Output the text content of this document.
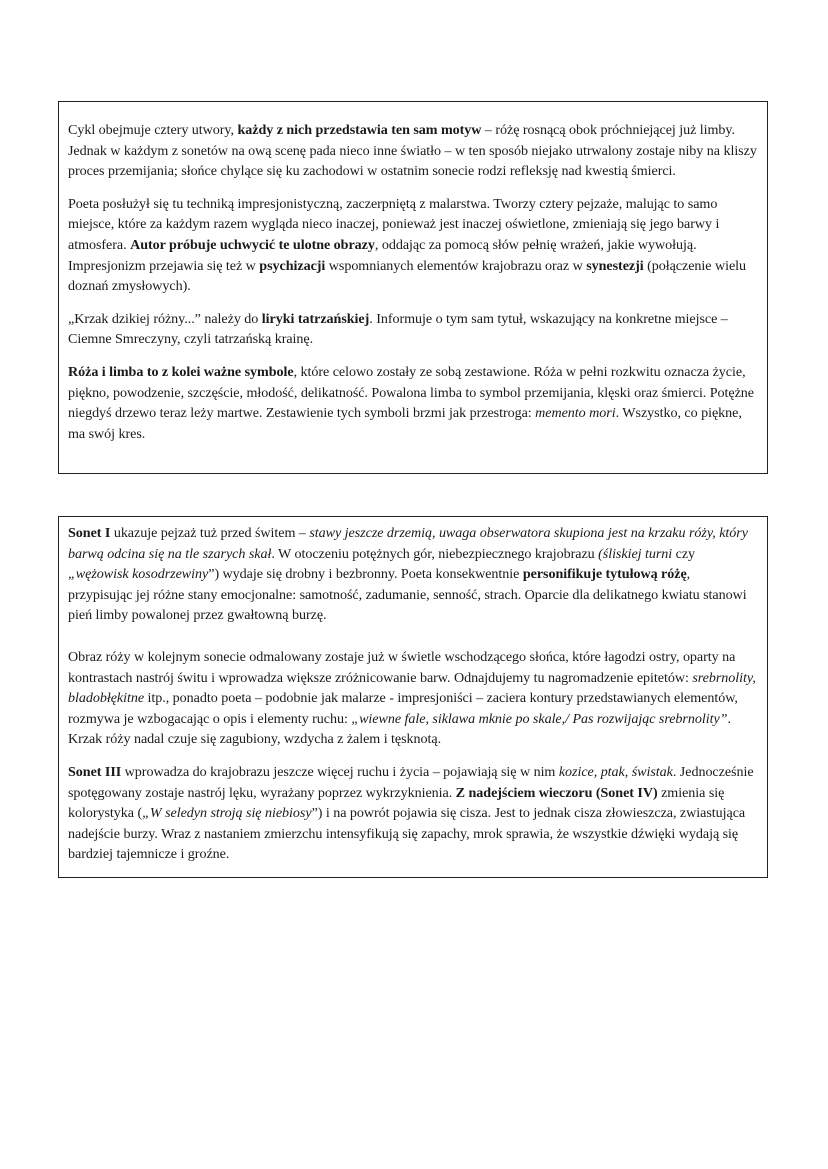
Cykl obejmuje cztery utwory, każdy z nich przedstawia ten sam motyw – różę rosnącą obok próchniejącej już limby. Jednak w każdym z sonetów na ową scenę pada nieco inne światło – w ten sposób niejako utrwalony zostaje niby na kliszy proces przemijania; słońce chylące się ku zachodowi w ostatnim sonecie rodzi refleksję nad kwestią śmierci.

Poeta posłużył się tu techniką impresjonistyczną, zaczerpniętą z malarstwa. Tworzy cztery pejzaże, malując to samo miejsce, które za każdym razem wygląda nieco inaczej, ponieważ jest inaczej oświetlone, zmieniają się jego barwy i atmosfera. Autor próbuje uchwycić te ulotne obrazy, oddając za pomocą słów pełnię wrażeń, jakie wywołują. Impresjonizm przejawia się też w psychizacji wspomnianych elementów krajobrazu oraz w synestezji (połączenie wielu doznań zmysłowych).

„Krzak dzikiej różny...” należy do liryki tatrzańskiej. Informuje o tym sam tytuł, wskazujący na konkretne miejsce – Ciemne Smreczyny, czyli tatrzańską krainę.

Róża i limba to z kolei ważne symbole, które celowo zostały ze sobą zestawione. Róża w pełni rozkwitu oznacza życie, piękno, powodzenie, szczęście, młodość, delikatność. Powalona limba to symbol przemijania, klęski oraz śmierci. Potężne niegdyś drzewo teraz leży martwe. Zestawienie tych symboli brzmi jak przestroga: memento mori. Wszystko, co piękne, ma swój kres.

Sonet I ukazuje pejzaż tuż przed świtem – stawy jeszcze drzemią, uwaga obserwatora skupiona jest na krzaku róży, który barwą odcina się na tle szarych skał. W otoczeniu potężnych gór, niebezpiecznego krajobrazu (śliskiej turni czy „wężowisk kosodrzewiny”) wydaje się drobny i bezbronny. Poeta konsekwentnie personifikuje tytułową różę, przypisując jej różne stany emocjonalne: samotność, zadumanie, senność, strach. Oparcie dla delikatnego kwiatu stanowi pień limby powalonej przez gwałtowną burzę.

Obraz róży w kolejnym sonecie odmalowany zostaje już w świetle wschodzącego słońca, które łagodzi ostry, oparty na kontrastach nastrój świtu i wprowadza większe zróżnicowanie barw. Odnajdujemy tu nagromadzenie epitetów: srebrnolity, bladobłękitne itp., ponadto poeta – podobnie jak malarze - impresjoniści – zaciera kontury przedstawianych elementów, rozmywa je wzbogacając o opis i elementy ruchu: „wiewne fale, siklawa mknie po skale,/ Pas rozwijając srebrnolity”. Krzak róży nadal czuje się zagubiony, wzdycha z żalem i tęsknotą.

Sonet III wprowadza do krajobrazu jeszcze więcej ruchu i życia – pojawiają się w nim kozice, ptak, świstak. Jednocześnie spotęgowany zostaje nastrój lęku, wyrażany poprzez wykrzyknienia. Z nadejściem wieczoru (Sonet IV) zmienia się kolorystyka („W seledyn stroją się niebiosy”) i na powrót pojawia się cisza. Jest to jednak cisza złowieszcza, zwiastująca nadejście burzy. Wraz z nastaniem zmierzchu intensyfikują się zapachy, mrok sprawia, że wszystkie dźwięki wydają się bardziej tajemnicze i groźne.
